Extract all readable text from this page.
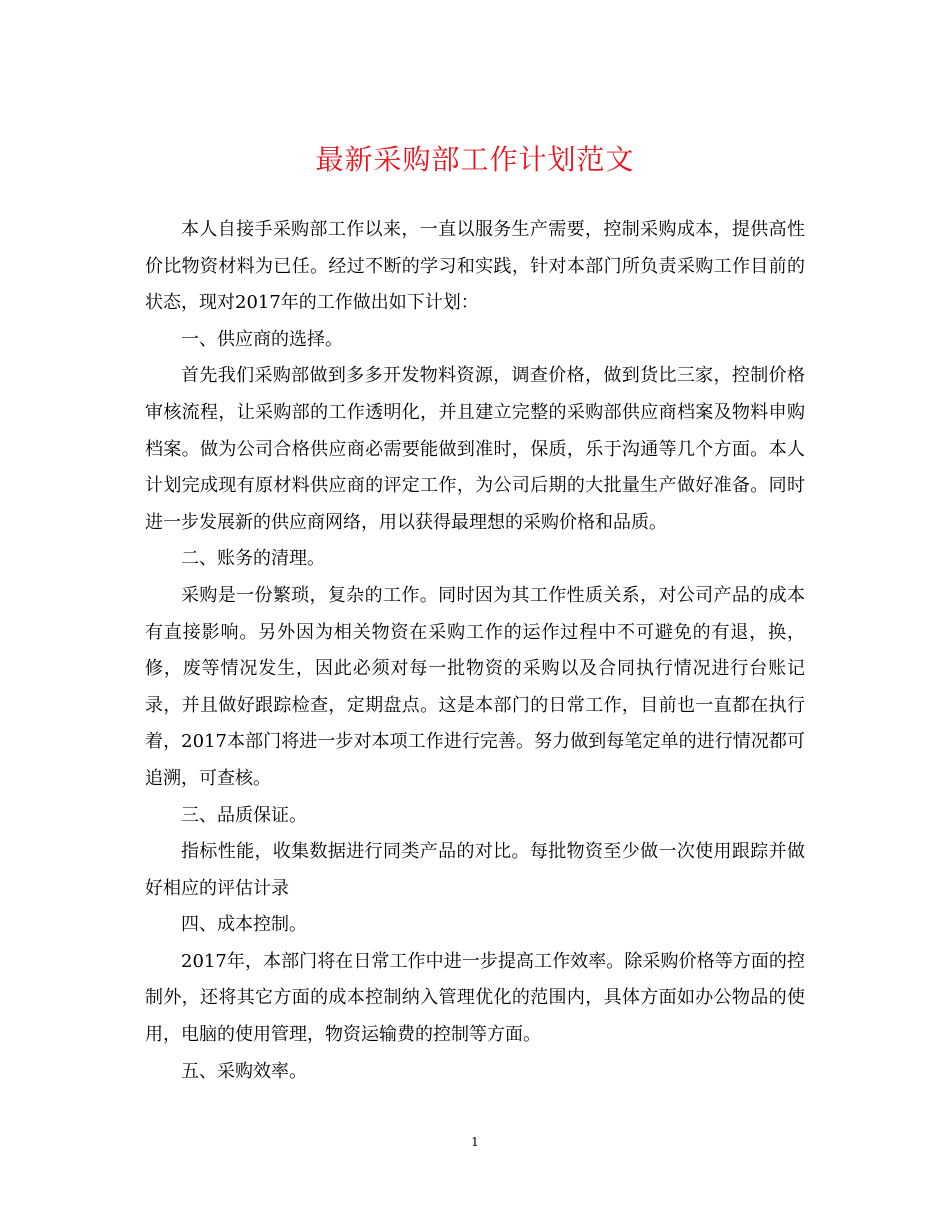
最新采购部工作计划范文

本人自接手采购部工作以来，一直以服务生产需要，控制采购成本，提供高性价比物资材料为已任。经过不断的学习和实践，针对本部门所负责采购工作目前的状态，现对2017年的工作做出如下计划：

一、供应商的选择。

首先我们采购部做到多多开发物料资源，调查价格，做到货比三家，控制价格审核流程，让采购部的工作透明化，并且建立完整的采购部供应商档案及物料申购档案。做为公司合格供应商必需要能做到准时，保质，乐于沟通等几个方面。本人计划完成现有原材料供应商的评定工作，为公司后期的大批量生产做好准备。同时进一步发展新的供应商网络，用以获得最理想的采购价格和品质。

二、账务的清理。

采购是一份繁琐，复杂的工作。同时因为其工作性质关系，对公司产品的成本有直接影响。另外因为相关物资在采购工作的运作过程中不可避免的有退，换，修，废等情况发生，因此必须对每一批物资的采购以及合同执行情况进行台账记录，并且做好跟踪检查，定期盘点。这是本部门的日常工作，目前也一直都在执行着，2017本部门将进一步对本项工作进行完善。努力做到每笔定单的进行情况都可追溯，可查核。

三、品质保证。

指标性能，收集数据进行同类产品的对比。每批物资至少做一次使用跟踪并做好相应的评估计录

四、成本控制。

2017年，本部门将在日常工作中进一步提高工作效率。除采购价格等方面的控制外，还将其它方面的成本控制纳入管理优化的范围内，具体方面如办公物品的使用，电脑的使用管理，物资运输费的控制等方面。

五、采购效率。

1
